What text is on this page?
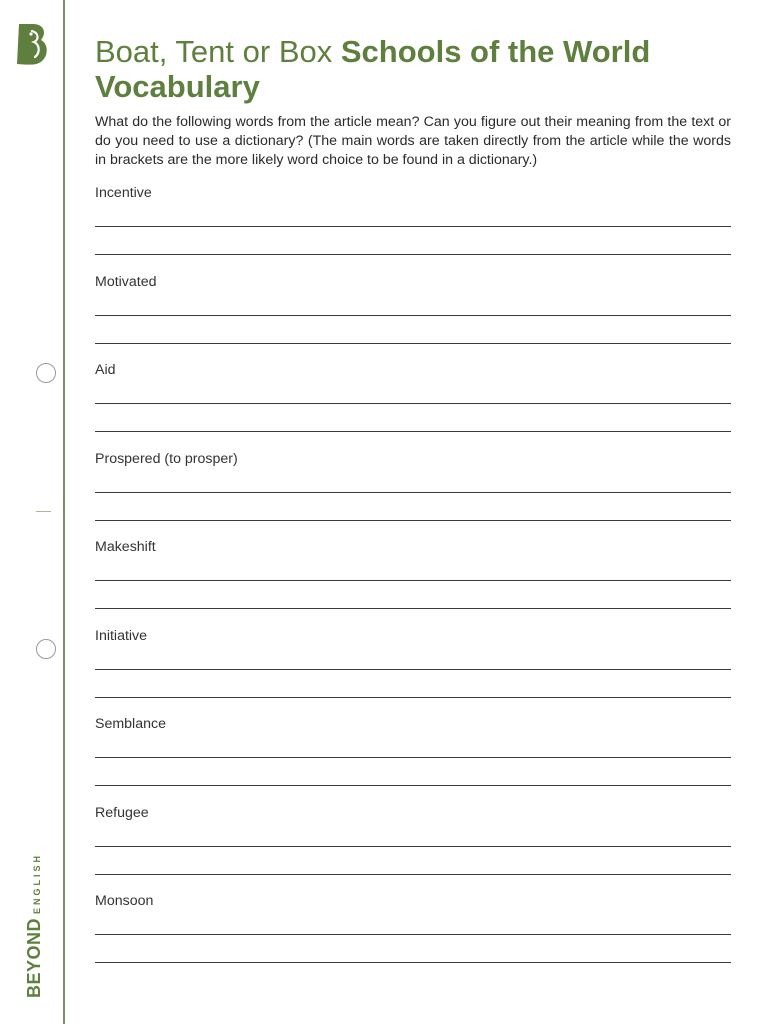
BEYOND
ENGLISH
Boat, Tent or Box Schools of the World
Vocabulary

What do the following words from the article mean? Can you figure out their meaning from the text or do you need to use a dictionary? (The main words are taken directly from the article while the words in brackets are the more likely word choice to be found in a dictionary.)

Incentive
Motivated
Aid
Prospered (to prosper)
Makeshift
Initiative
Semblance
Refugee
Monsoon
